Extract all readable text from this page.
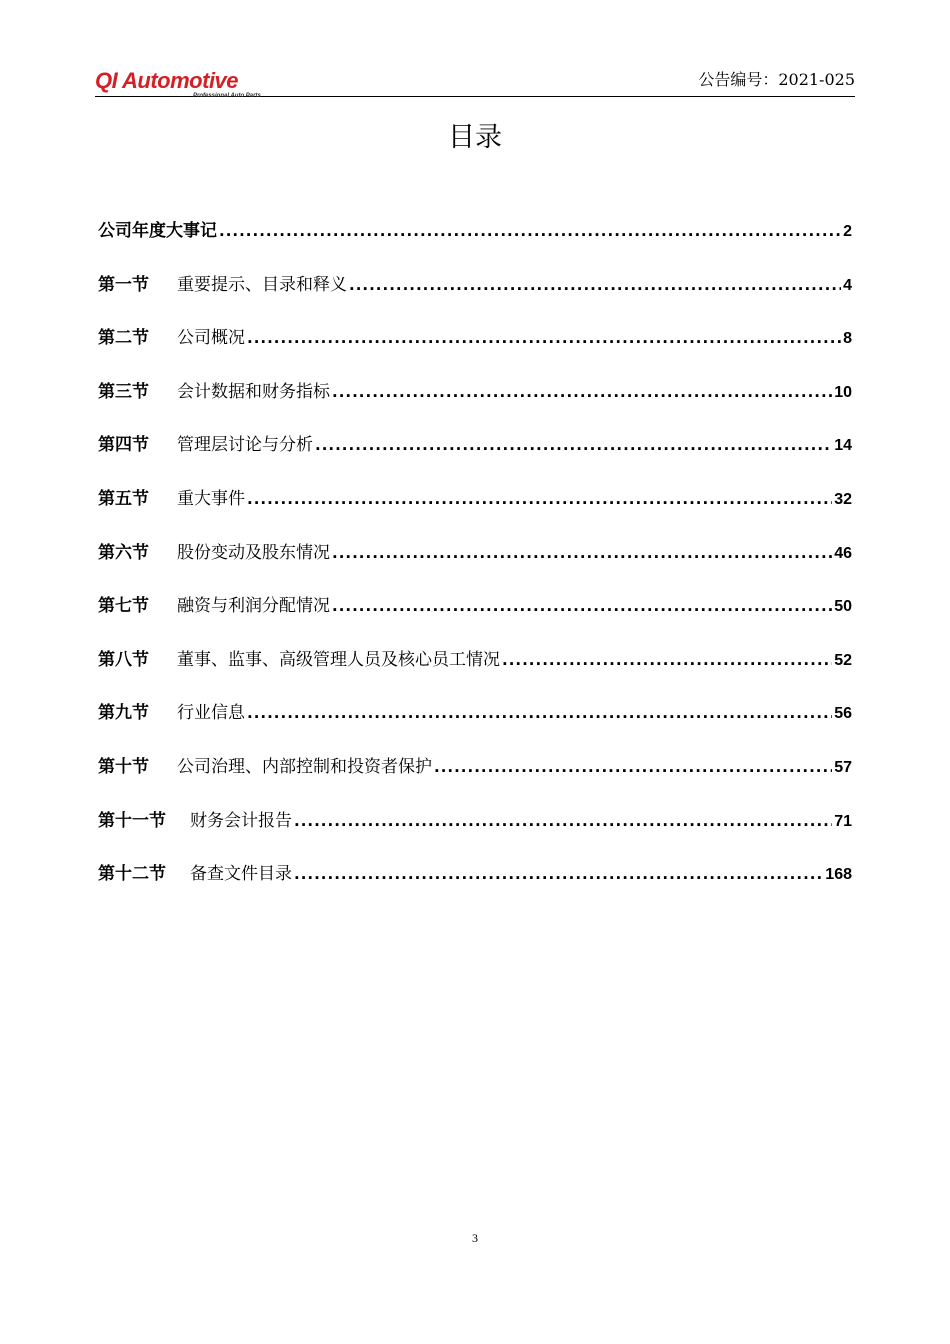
QI Automotive
Professional Auto Parts
公告编号：2021-025
目录
公司年度大事记 .....	2
第一节 重要提示、目录和释义 .....	4
第二节 公司概况 .....	8
第三节 会计数据和财务指标 .....	10
第四节 管理层讨论与分析 .....	14
第五节 重大事件 .....	32
第六节 股份变动及股东情况 .....	46
第七节 融资与利润分配情况 .....	50
第八节 董事、监事、高级管理人员及核心员工情况 .....	52
第九节 行业信息 .....	56
第十节 公司治理、内部控制和投资者保护 .....	57
第十一节 财务会计报告 .....	71
第十二节 备查文件目录 .....	168
3
